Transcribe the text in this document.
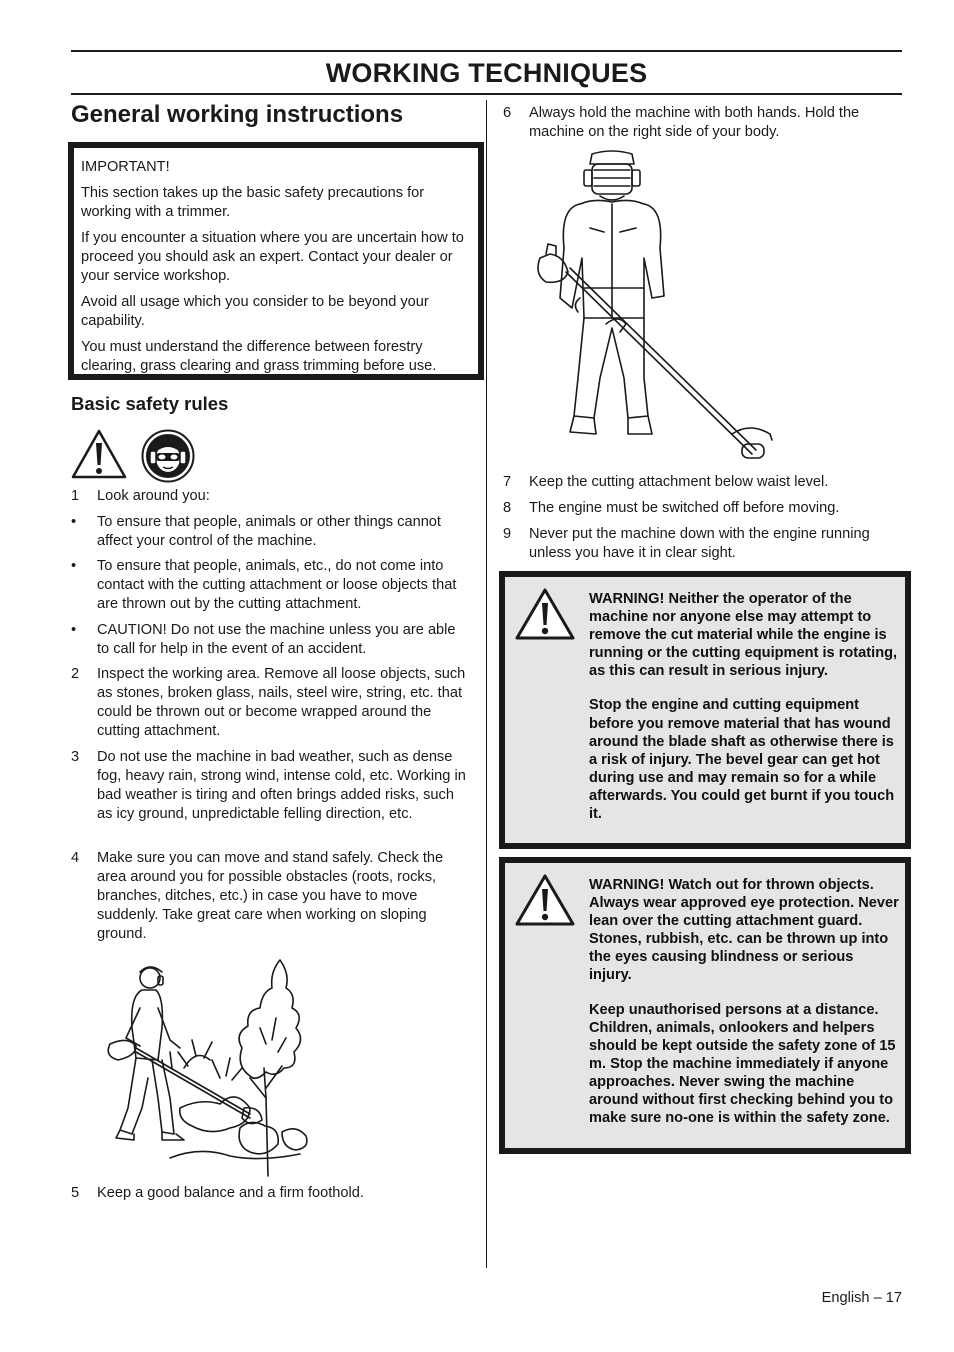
WORKING TECHNIQUES
General working instructions

IMPORTANT!

This section takes up the basic safety precautions for working with a trimmer.

If you encounter a situation where you are uncertain how to proceed you should ask an expert. Contact your dealer or your service workshop.

Avoid all usage which you consider to be beyond your capability.

You must understand the difference between forestry clearing, grass clearing and grass trimming before use.

Basic safety rules
1 Look around you:
• To ensure that people, animals or other things cannot affect your control of the machine.
• To ensure that people, animals, etc., do not come into contact with the cutting attachment or loose objects that are thrown out by the cutting attachment.
• CAUTION! Do not use the machine unless you are able to call for help in the event of an accident.
2 Inspect the working area. Remove all loose objects, such as stones, broken glass, nails, steel wire, string, etc. that could be thrown out or become wrapped around the cutting attachment.
3 Do not use the machine in bad weather, such as dense fog, heavy rain, strong wind, intense cold, etc. Working in bad weather is tiring and often brings added risks, such as icy ground, unpredictable felling direction, etc.
4 Make sure you can move and stand safely. Check the area around you for possible obstacles (roots, rocks, branches, ditches, etc.) in case you have to move suddenly. Take great care when working on sloping ground.
5 Keep a good balance and a firm foothold.
6 Always hold the machine with both hands. Hold the machine on the right side of your body.
7 Keep the cutting attachment below waist level.
8 The engine must be switched off before moving.
9 Never put the machine down with the engine running unless you have it in clear sight.

WARNING! Neither the operator of the machine nor anyone else may attempt to remove the cut material while the engine is running or the cutting equipment is rotating, as this can result in serious injury.

Stop the engine and cutting equipment before you remove material that has wound around the blade shaft as otherwise there is a risk of injury. The bevel gear can get hot during use and may remain so for a while afterwards. You could get burnt if you touch it.

WARNING! Watch out for thrown objects. Always wear approved eye protection. Never lean over the cutting attachment guard. Stones, rubbish, etc. can be thrown up into the eyes causing blindness or serious injury.

Keep unauthorised persons at a distance. Children, animals, onlookers and helpers should be kept outside the safety zone of 15 m. Stop the machine immediately if anyone approaches. Never swing the machine around without first checking behind you to make sure no-one is within the safety zone.

English – 17
